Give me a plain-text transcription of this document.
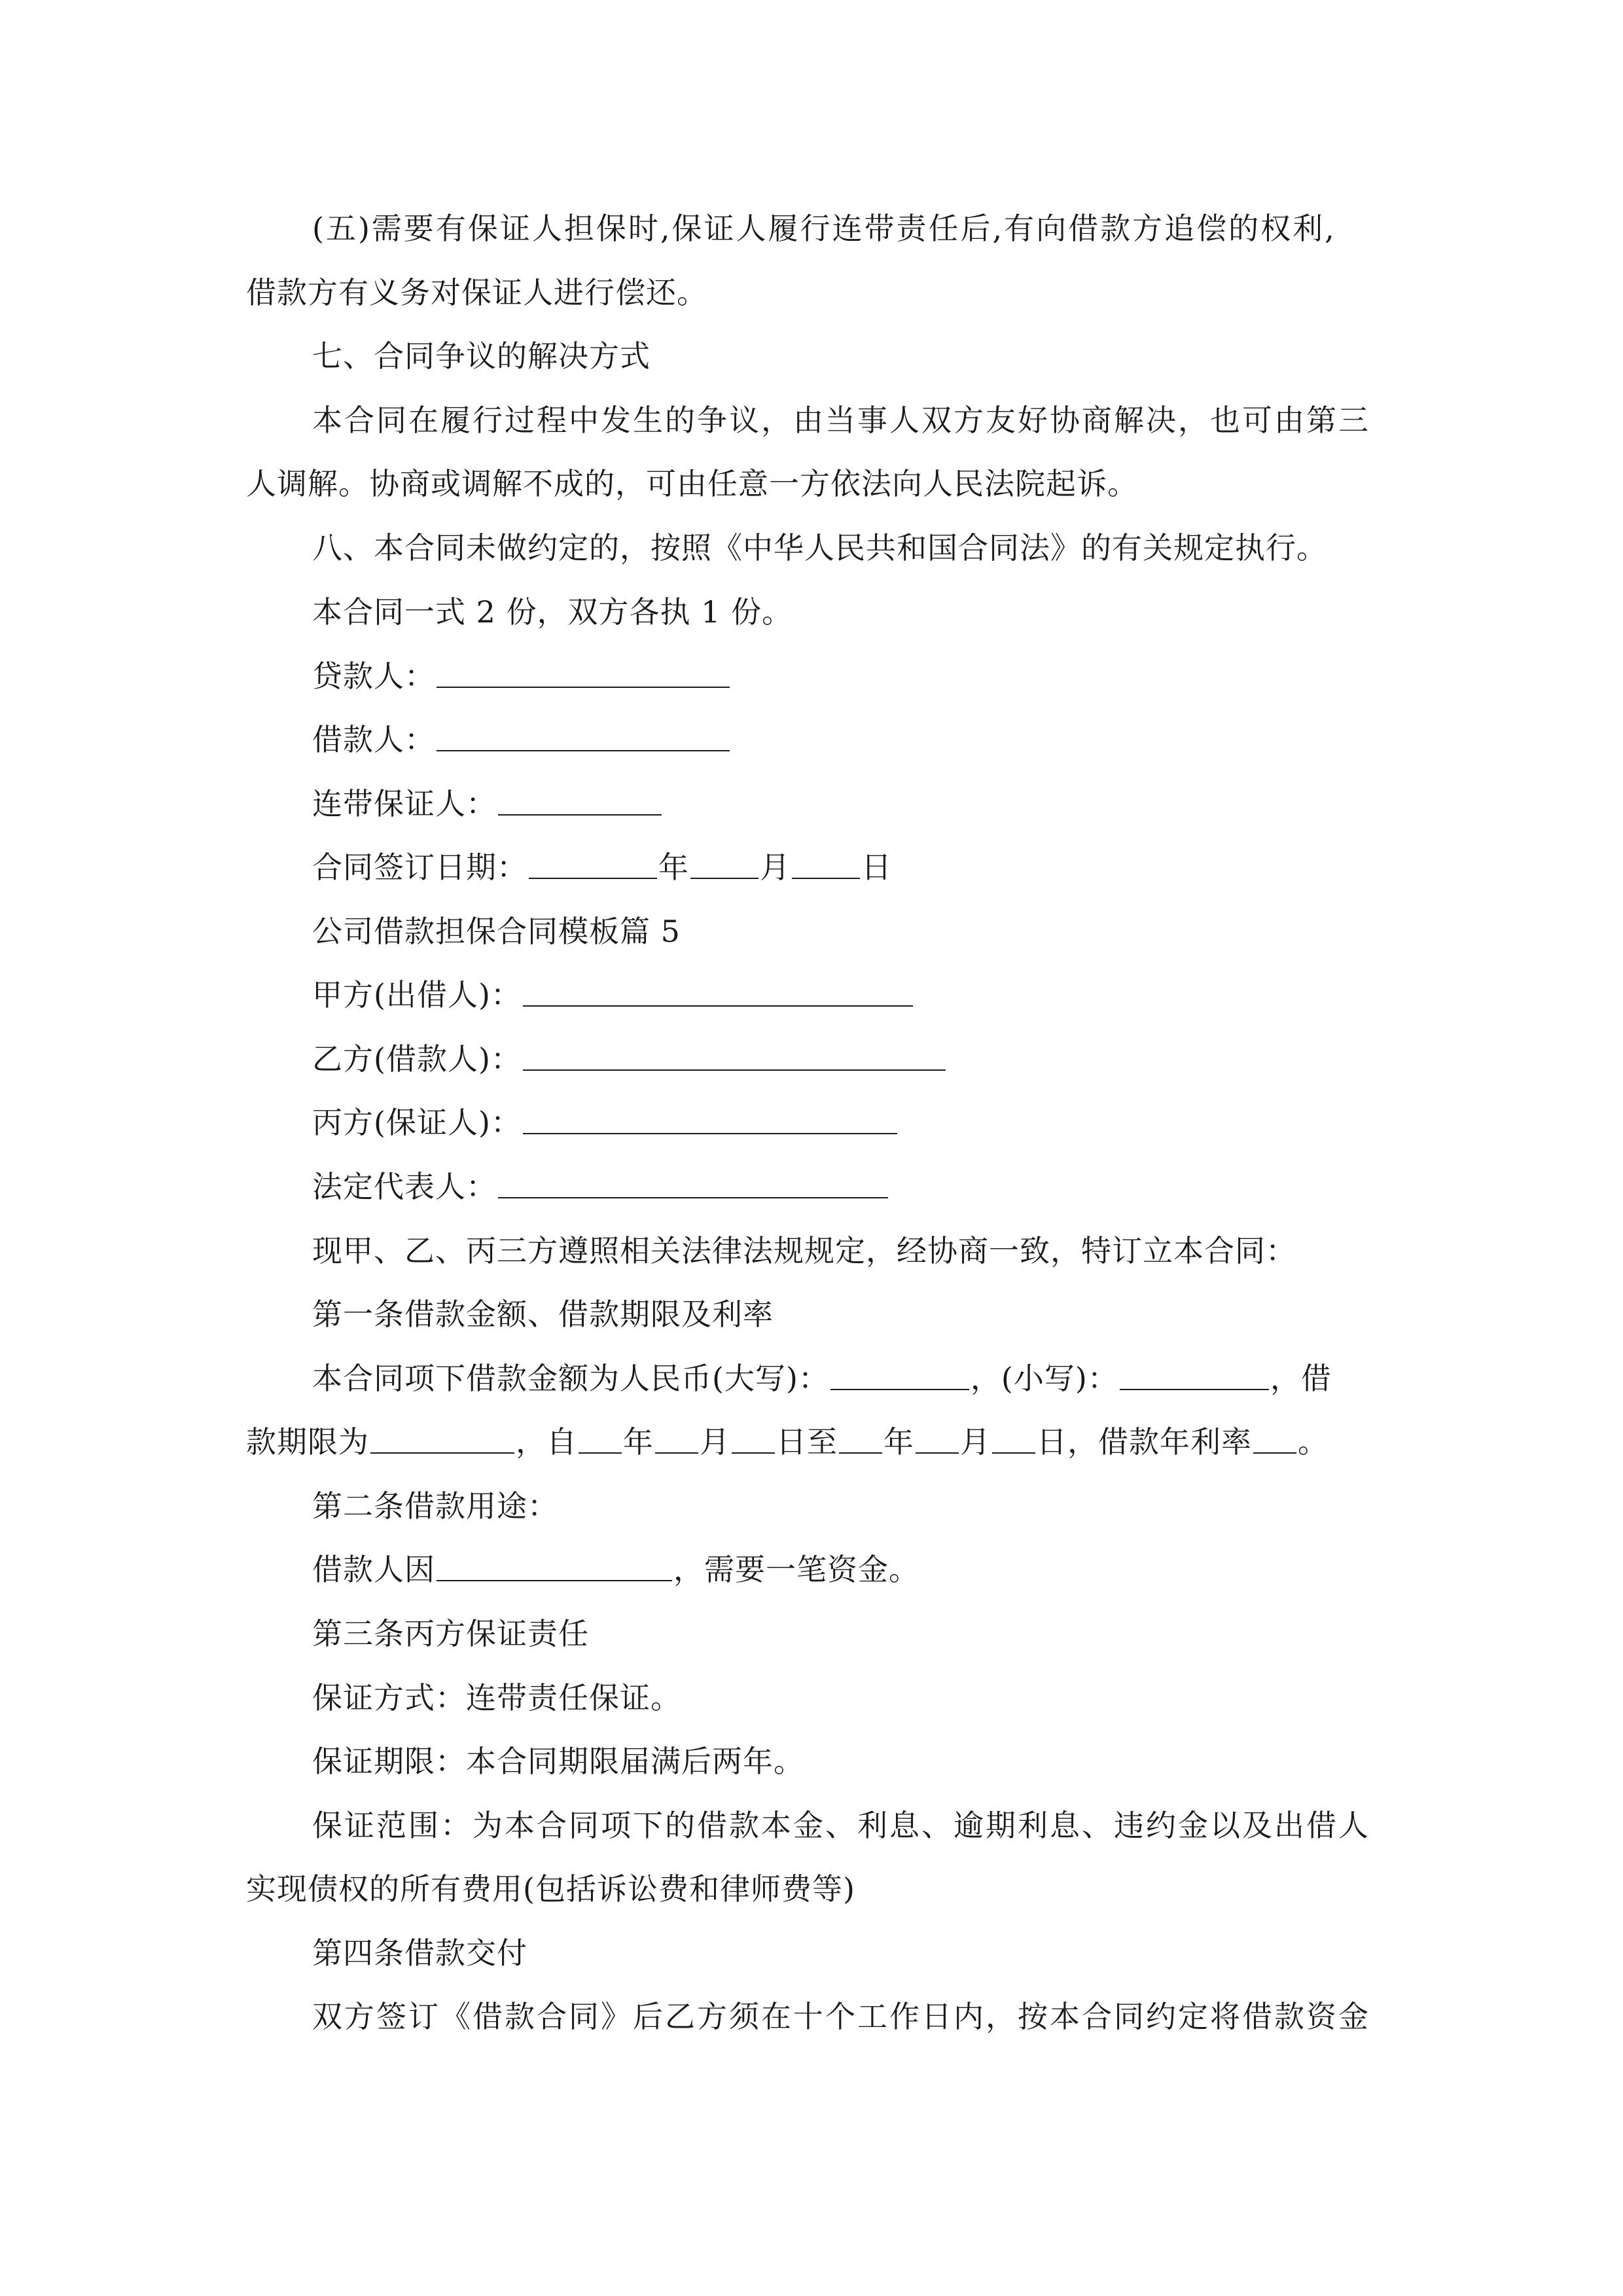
(五)需要有保证人担保时,保证人履行连带责任后,有向借款方追偿的权利,
借款方有义务对保证人进行偿还。
七、合同争议的解决方式
本合同在履行过程中发生的争议，由当事人双方友好协商解决，也可由第三
人调解。协商或调解不成的，可由任意一方依法向人民法院起诉。
八、本合同未做约定的，按照《中华人民共和国合同法》的有关规定执行。
本合同一式 2 份，双方各执 1 份。
贷款人：
借款人：
连带保证人：
合同签订日期：	年 月 日
公司借款担保合同模板篇 5
甲方(出借人)：
乙方(借款人)：
丙方(保证人)：
法定代表人：
现甲、乙、丙三方遵照相关法律法规规定，经协商一致，特订立本合同：
第一条借款金额、借款期限及利率
本合同项下借款金额为人民币(大写)：	，(小写)：	，借
款期限为	，自 年 月 日至 年 月 日，借款年利率 。
第二条借款用途：
借款人因	，需要一笔资金。
第三条丙方保证责任
保证方式：连带责任保证。
保证期限：本合同期限届满后两年。
保证范围：为本合同项下的借款本金、利息、逾期利息、违约金以及出借人
实现债权的所有费用(包括诉讼费和律师费等)
第四条借款交付
双方签订《借款合同》后乙方须在十个工作日内，按本合同约定将借款资金
